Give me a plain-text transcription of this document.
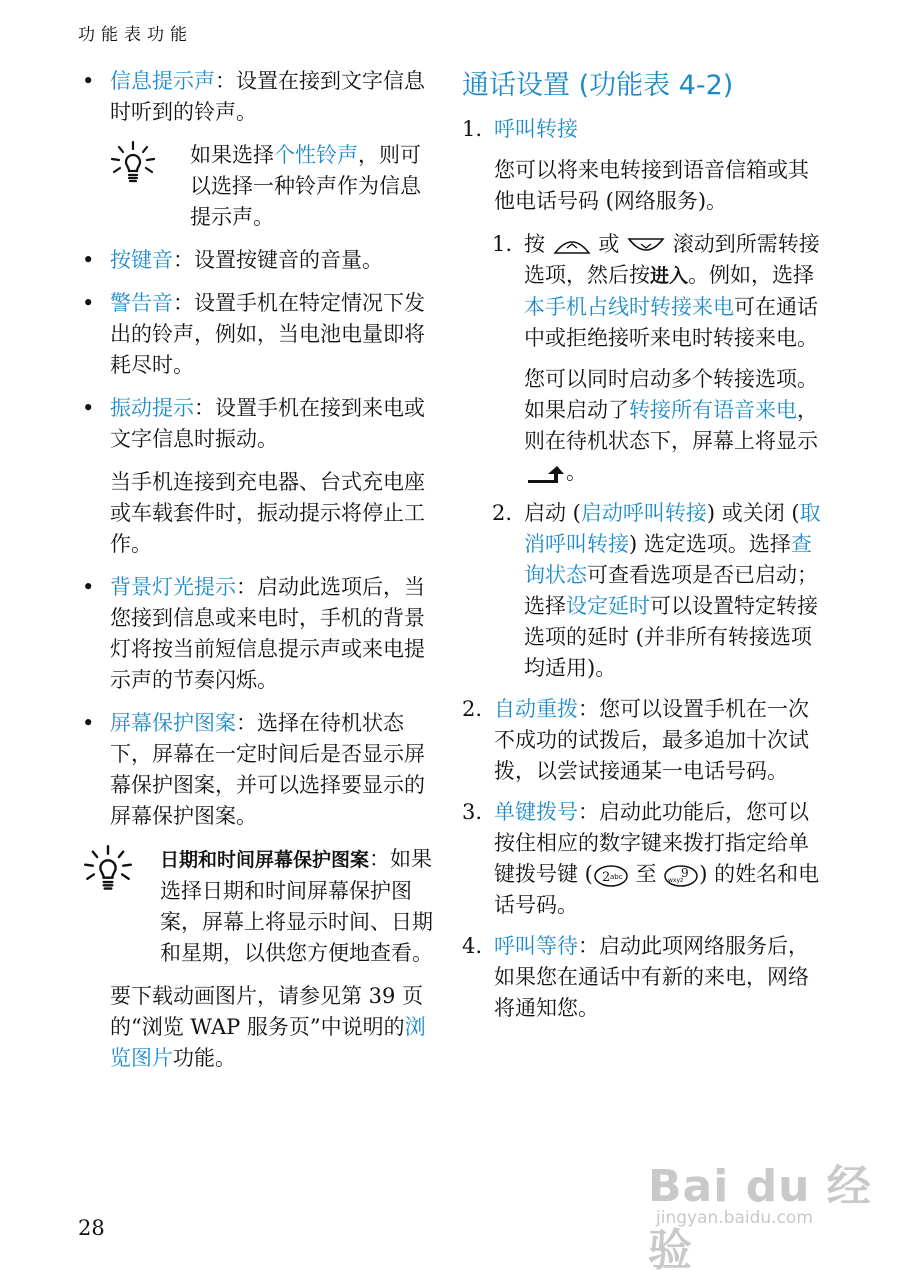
功能表功能
• 信息提示声：设置在接到文字信息时听到的铃声。
如果选择个性铃声，则可以选择一种铃声作为信息提示声。
• 按键音：设置按键音的音量。
• 警告音：设置手机在特定情况下发出的铃声，例如，当电池电量即将耗尽时。
• 振动提示：设置手机在接到来电或文字信息时振动。
当手机连接到充电器、台式充电座或车载套件时，振动提示将停止工作。
• 背景灯光提示：启动此选项后，当您接到信息或来电时，手机的背景灯将按当前短信息提示声或来电提示声的节奏闪烁。
• 屏幕保护图案：选择在待机状态下，屏幕在一定时间后是否显示屏幕保护图案，并可以选择要显示的屏幕保护图案。
日期和时间屏幕保护图案：如果选择日期和时间屏幕保护图案，屏幕上将显示时间、日期和星期，以供您方便地查看。
要下载动画图片，请参见第 39 页的“浏览 WAP 服务页”中说明的浏览图片功能。
通话设置 (功能表 4-2)
1. 呼叫转接
您可以将来电转接到语音信箱或其他电话号码 (网络服务)。
1. 按	或	滚动到所需转接选项，然后按进入。例如，选择本手机占线时转接来电可在通话中或拒绝接听来电时转接来电。
您可以同时启动多个转接选项。如果启动了转接所有语音来电，则在待机状态下，屏幕上将显示 。
2. 启动 (启动呼叫转接) 或关闭 (取消呼叫转接) 选定选项。选择查询状态可查看选项是否已启动；选择设定延时可以设置特定转接选项的延时 (并非所有转接选项均适用)。
2. 自动重拨：您可以设置手机在一次不成功的试拨后，最多追加十次试拨，以尝试接通某一电话号码。
3. 单键拨号：启动此功能后，您可以按住相应的数字键来拨打指定给单键拨号键 ( 2 abc 至 9
wxyz ) 的姓名和电话号码。
4. 呼叫等待：启动此项网络服务后，如果您在通话中有新的来电，网络将通知您。
28
Bai du 经验
jingyan.baidu.com
